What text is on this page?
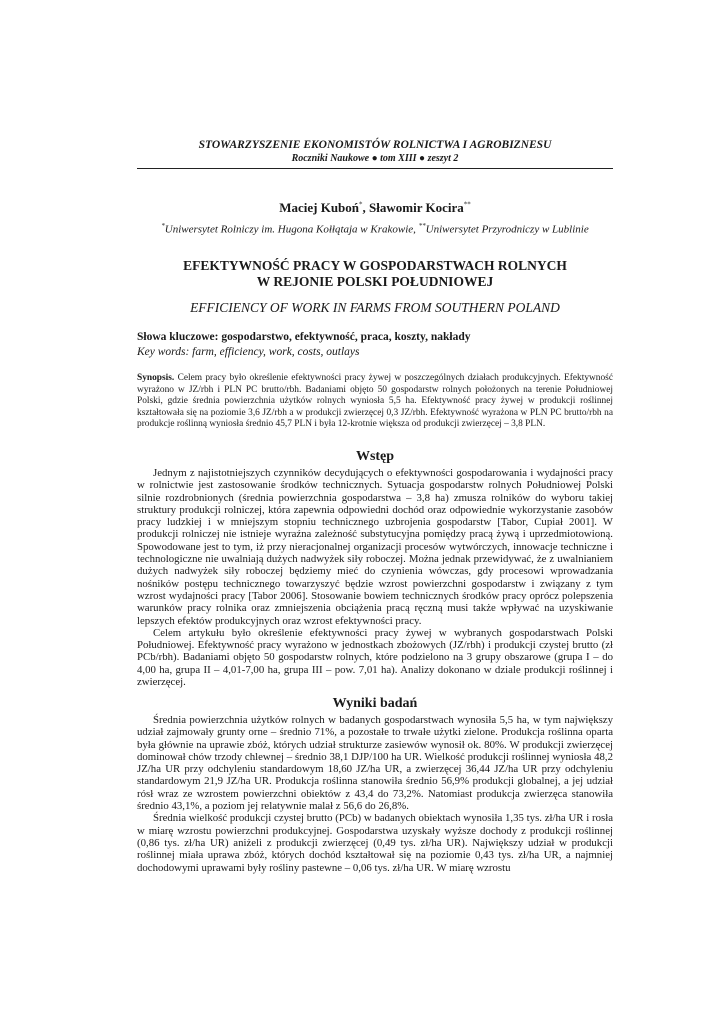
STOWARZYSZENIE EKONOMISTÓW ROLNICTWA I AGROBIZNESU
Roczniki Naukowe ● tom XIII ● zeszyt 2
Maciej Kuboń*, Sławomir Kocira**
*Uniwersytet Rolniczy im. Hugona Kołłątaja w Krakowie, **Uniwersytet Przyrodniczy w Lublinie
EFEKTYWNOŚĆ PRACY W GOSPODARSTWACH ROLNYCH
W REJONIE POLSKI POŁUDNIOWEJ
EFFICIENCY OF WORK IN FARMS FROM SOUTHERN POLAND
Słowa kluczowe: gospodarstwo, efektywność, praca, koszty, nakłady
Key words: farm, efficiency, work, costs, outlays
Synopsis. Celem pracy było określenie efektywności pracy żywej w poszczególnych działach produkcyjnych. Efektywność wyrażono w JZ/rbh i PLN PC brutto/rbh. Badaniami objęto 50 gospodarstw rolnych położonych na terenie Południowej Polski, gdzie średnia powierzchnia użytków rolnych wyniosła 5,5 ha. Efektywność pracy żywej w produkcji roślinnej kształtowała się na poziomie 3,6 JZ/rbh a w produkcji zwierzęcej 0,3 JZ/rbh. Efektywność wyrażona w PLN PC brutto/rbh na produkcje roślinną wyniosła średnio 45,7 PLN i była 12-krotnie większa od produkcji zwierzęcej – 3,8 PLN.
Wstęp

Jednym z najistotniejszych czynników decydujących o efektywności gospodarowania i wydajności pracy w rolnictwie jest zastosowanie środków technicznych. Sytuacja gospodarstw rolnych Południowej Polski silnie rozdrobnionych (średnia powierzchnia gospodarstwa – 3,8 ha) zmusza rolników do wyboru takiej struktury produkcji rolniczej, która zapewnia odpowiedni dochód oraz odpowiednie wykorzystanie zasobów pracy ludzkiej i w mniejszym stopniu technicznego uzbrojenia gospodarstw [Tabor, Cupiał 2001]. W produkcji rolniczej nie istnieje wyraźna zależność substytucyjna pomiędzy pracą żywą i uprzedmiotowioną. Spowodowane jest to tym, iż przy nieracjonalnej organizacji procesów wytwórczych, innowacje techniczne i technologiczne nie uwalniają dużych nadwyżek siły roboczej. Można jednak przewidywać, że z uwalnianiem dużych nadwyżek siły roboczej będziemy mieć do czynienia wówczas, gdy procesowi wprowadzania nośników postępu technicznego towarzyszyć będzie wzrost powierzchni gospodarstw i związany z tym wzrost wydajności pracy [Tabor 2006]. Stosowanie bowiem technicznych środków pracy oprócz polepszenia warunków pracy rolnika oraz zmniejszenia obciążenia pracą ręczną musi także wpływać na uzyskiwanie lepszych efektów produkcyjnych oraz wzrost efektywności pracy.

Celem artykułu było określenie efektywności pracy żywej w wybranych gospodarstwach Polski Południowej. Efektywność pracy wyrażono w jednostkach zbożowych (JZ/rbh) i produkcji czystej brutto (zł PCb/rbh). Badaniami objęto 50 gospodarstw rolnych, które podzielono na 3 grupy obszarowe (grupa I – do 4,00 ha, grupa II – 4,01-7,00 ha, grupa III – pow. 7,01 ha). Analizy dokonano w dziale produkcji roślinnej i zwierzęcej.

Wyniki badań

Średnia powierzchnia użytków rolnych w badanych gospodarstwach wynosiła 5,5 ha, w tym największy udział zajmowały grunty orne – średnio 71%, a pozostałe to trwałe użytki zielone. Produkcja roślinna oparta była głównie na uprawie zbóż, których udział strukturze zasiewów wynosił ok. 80%. W produkcji zwierzęcej dominował chów trzody chlewnej – średnio 38,1 DJP/100 ha UR. Wielkość produkcji roślinnej wyniosła 48,2 JZ/ha UR przy odchyleniu standardowym 18,60 JZ/ha UR, a zwierzęcej 36,44 JZ/ha UR przy odchyleniu standardowym 21,9 JZ/ha UR. Produkcja roślinna stanowiła średnio 56,9% produkcji globalnej, a jej udział rósł wraz ze wzrostem powierzchni obiektów z 43,4 do 73,2%. Natomiast produkcja zwierzęca stanowiła średnio 43,1%, a poziom jej relatywnie malał z 56,6 do 26,8%.

Średnia wielkość produkcji czystej brutto (PCb) w badanych obiektach wynosiła 1,35 tys. zł/ha UR i rosła w miarę wzrostu powierzchni produkcyjnej. Gospodarstwa uzyskały wyższe dochody z produkcji roślinnej (0,86 tys. zł/ha UR) aniżeli z produkcji zwierzęcej (0,49 tys. zł/ha UR). Największy udział w produkcji roślinnej miała uprawa zbóż, których dochód kształtował się na poziomie 0,43 tys. zł/ha UR, a najmniej dochodowymi uprawami były rośliny pastewne – 0,06 tys. zł/ha UR. W miarę wzrostu
